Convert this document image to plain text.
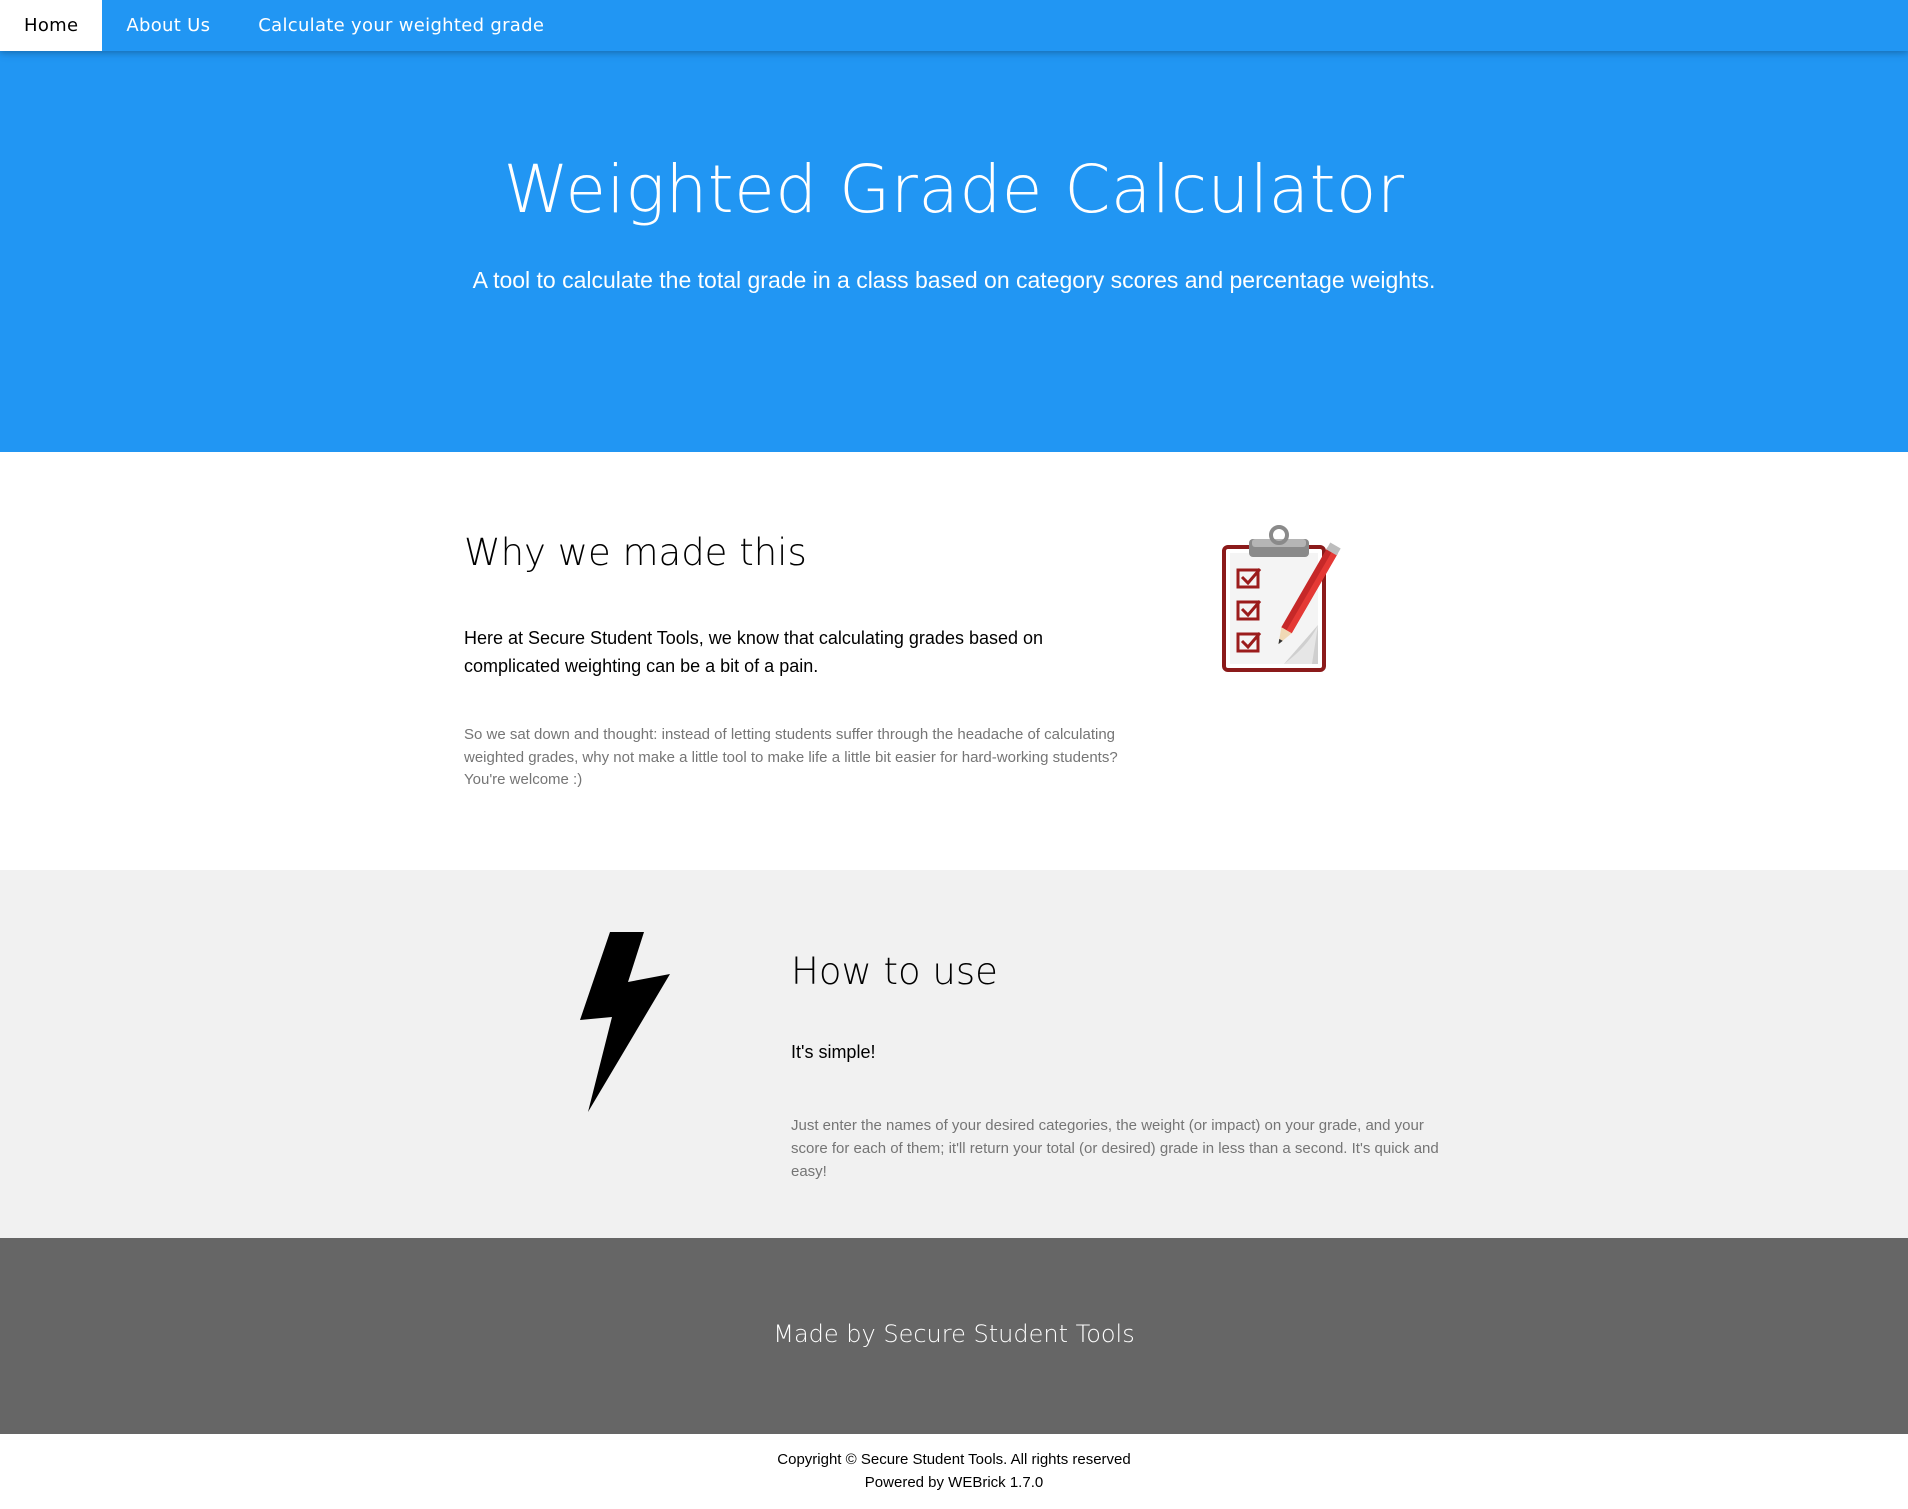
Home	About Us	Calculate your weighted grade
Weighted Grade Calculator
A tool to calculate the total grade in a class based on category scores and percentage weights.
Why we made this
Here at Secure Student Tools, we know that calculating grades based on complicated weighting can be a bit of a pain.
So we sat down and thought: instead of letting students suffer through the headache of calculating weighted grades, why not make a little tool to make life a little bit easier for hard-working students? You're welcome :)
How to use
It's simple!
Just enter the names of your desired categories, the weight (or impact) on your grade, and your score for each of them; it'll return your total (or desired) grade in less than a second. It's quick and easy!
Made by Secure Student Tools
Copyright © Secure Student Tools. All rights reserved
Powered by WEBrick 1.7.0
